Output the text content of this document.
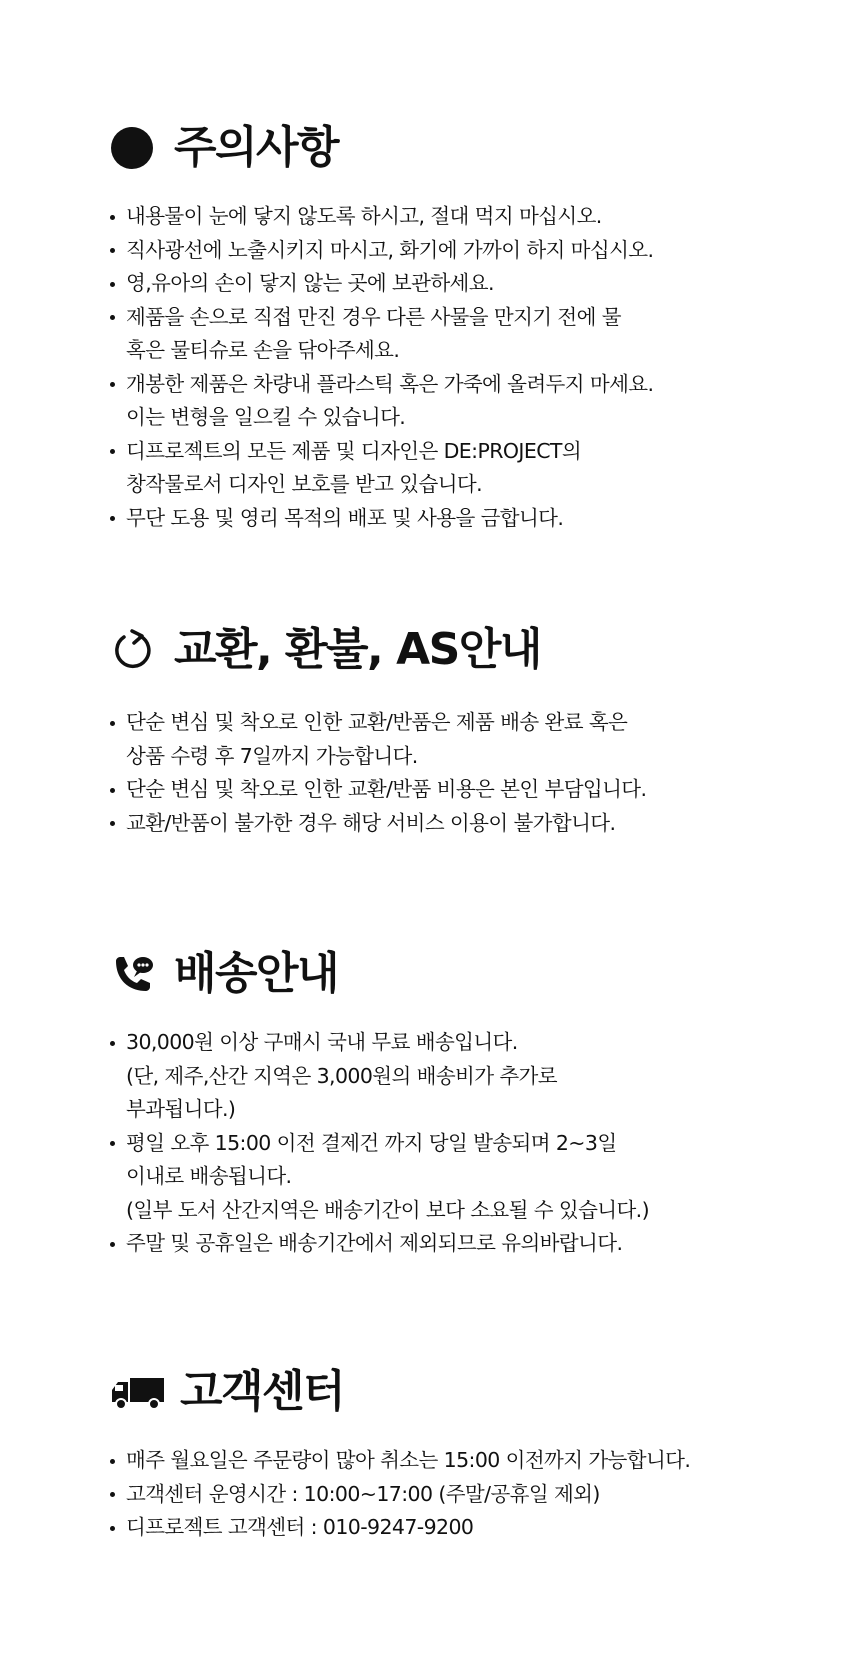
주의사항
내용물이 눈에 닿지 않도록 하시고, 절대 먹지 마십시오.
직사광선에 노출시키지 마시고, 화기에 가까이 하지 마십시오.
영,유아의 손이 닿지 않는 곳에 보관하세요.
제품을 손으로 직접 만진 경우 다른 사물을 만지기 전에 물
혹은 물티슈로 손을 닦아주세요.
개봉한 제품은 차량내 플라스틱 혹은 가죽에 올려두지 마세요.
이는 변형을 일으킬 수 있습니다.
디프로젝트의 모든 제품 및 디자인은 DE:PROJECT의
창작물로서 디자인 보호를 받고 있습니다.
무단 도용 및 영리 목적의 배포 및 사용을 금합니다.
교환, 환불, AS안내
단순 변심 및 착오로 인한 교환/반품은 제품 배송 완료 혹은
상품 수령 후 7일까지 가능합니다.
단순 변심 및 착오로 인한 교환/반품 비용은 본인 부담입니다.
교환/반품이 불가한 경우 해당 서비스 이용이 불가합니다.
배송안내
30,000원 이상 구매시 국내 무료 배송입니다.
(단, 제주,산간 지역은 3,000원의 배송비가 추가로
부과됩니다.)
평일 오후 15:00 이전 결제건 까지 당일 발송되며 2~3일
이내로 배송됩니다.
(일부 도서 산간지역은 배송기간이 보다 소요될 수 있습니다.)
주말 및 공휴일은 배송기간에서 제외되므로 유의바랍니다.
고객센터
매주 월요일은 주문량이 많아 취소는 15:00 이전까지 가능합니다.
고객센터 운영시간 : 10:00~17:00 (주말/공휴일 제외)
디프로젝트 고객센터 : 010-9247-9200
